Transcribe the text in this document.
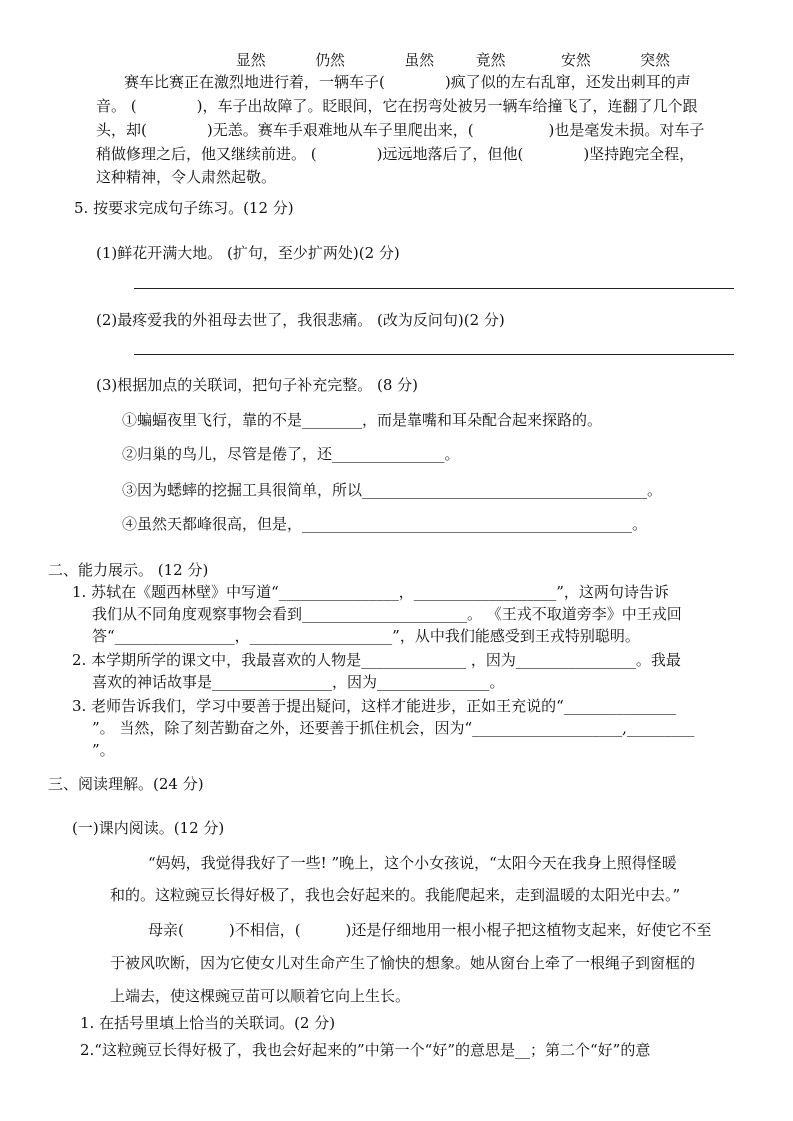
显然	仍然	虽然	竟然	安然	突然
赛车比赛正在激烈地进行着，一辆车子(　　　　)疯了似的左右乱窜，还发出刺耳的声
音。 (　　　　)，车子出故障了。眨眼间，它在拐弯处被另一辆车给撞飞了，连翻了几个跟
头，却(　　　　)无恙。赛车手艰难地从车子里爬出来，(　　　　　)也是毫发未损。对车子
稍做修理之后，他又继续前进。 (　　　　)远远地落后了，但他(　　　　)坚持跑完全程，
这种精神，令人肃然起敬。
5. 按要求完成句子练习。(12 分)
(1)鲜花开满大地。 (扩句，至少扩两处)(2 分)
(2)最疼爱我的外祖母去世了，我很悲痛。 (改为反问句)(2 分)
(3)根据加点的关联词，把句子补充完整。 (8 分)
①蝙蝠夜里飞行，靠的不是________，而是靠嘴和耳朵配合起来探路的。
②归巢的鸟儿，尽管是倦了，还_______________。
③因为蟋蟀的挖掘工具很简单，所以______________________________________。
④虽然天都峰很高，但是，____________________________________________。
二、能力展示。 (12 分)
1. 苏轼在《题西林壁》中写道“________________，___________________”，这两句诗告诉
我们从不同角度观察事物会看到______________________。 《王戎不取道旁李》中王戎回
答“________________，___________________”，从中我们能感受到王戎特别聪明。
2. 本学期所学的课文中，我最喜欢的人物是______________ ，因为________________。我最
喜欢的神话故事是________________，因为_______________。
3. 老师告诉我们，学习中要善于提出疑问，这样才能进步，正如王充说的“_______________
”。 当然，除了刻苦勤奋之外，还要善于抓住机会，因为“____________________,_________
”。
三、阅读理解。(24 分)
(一)课内阅读。(12 分)
“妈妈，我觉得我好了一些! ”晚上，这个小女孩说，“太阳今天在我身上照得怪暖
和的。这粒豌豆长得好极了，我也会好起来的。我能爬起来，走到温暖的太阳光中去。”
母亲(　　　)不相信，(　　　)还是仔细地用一根小棍子把这植物支起来，好使它不至
于被风吹断，因为它使女儿对生命产生了愉快的想象。她从窗台上牵了一根绳子到窗框的
上端去，使这棵豌豆苗可以顺着它向上生长。
1. 在括号里填上恰当的关联词。(2 分)
2.“这粒豌豆长得好极了，我也会好起来的”中第一个“好”的意思是__；第二个“好”的意
